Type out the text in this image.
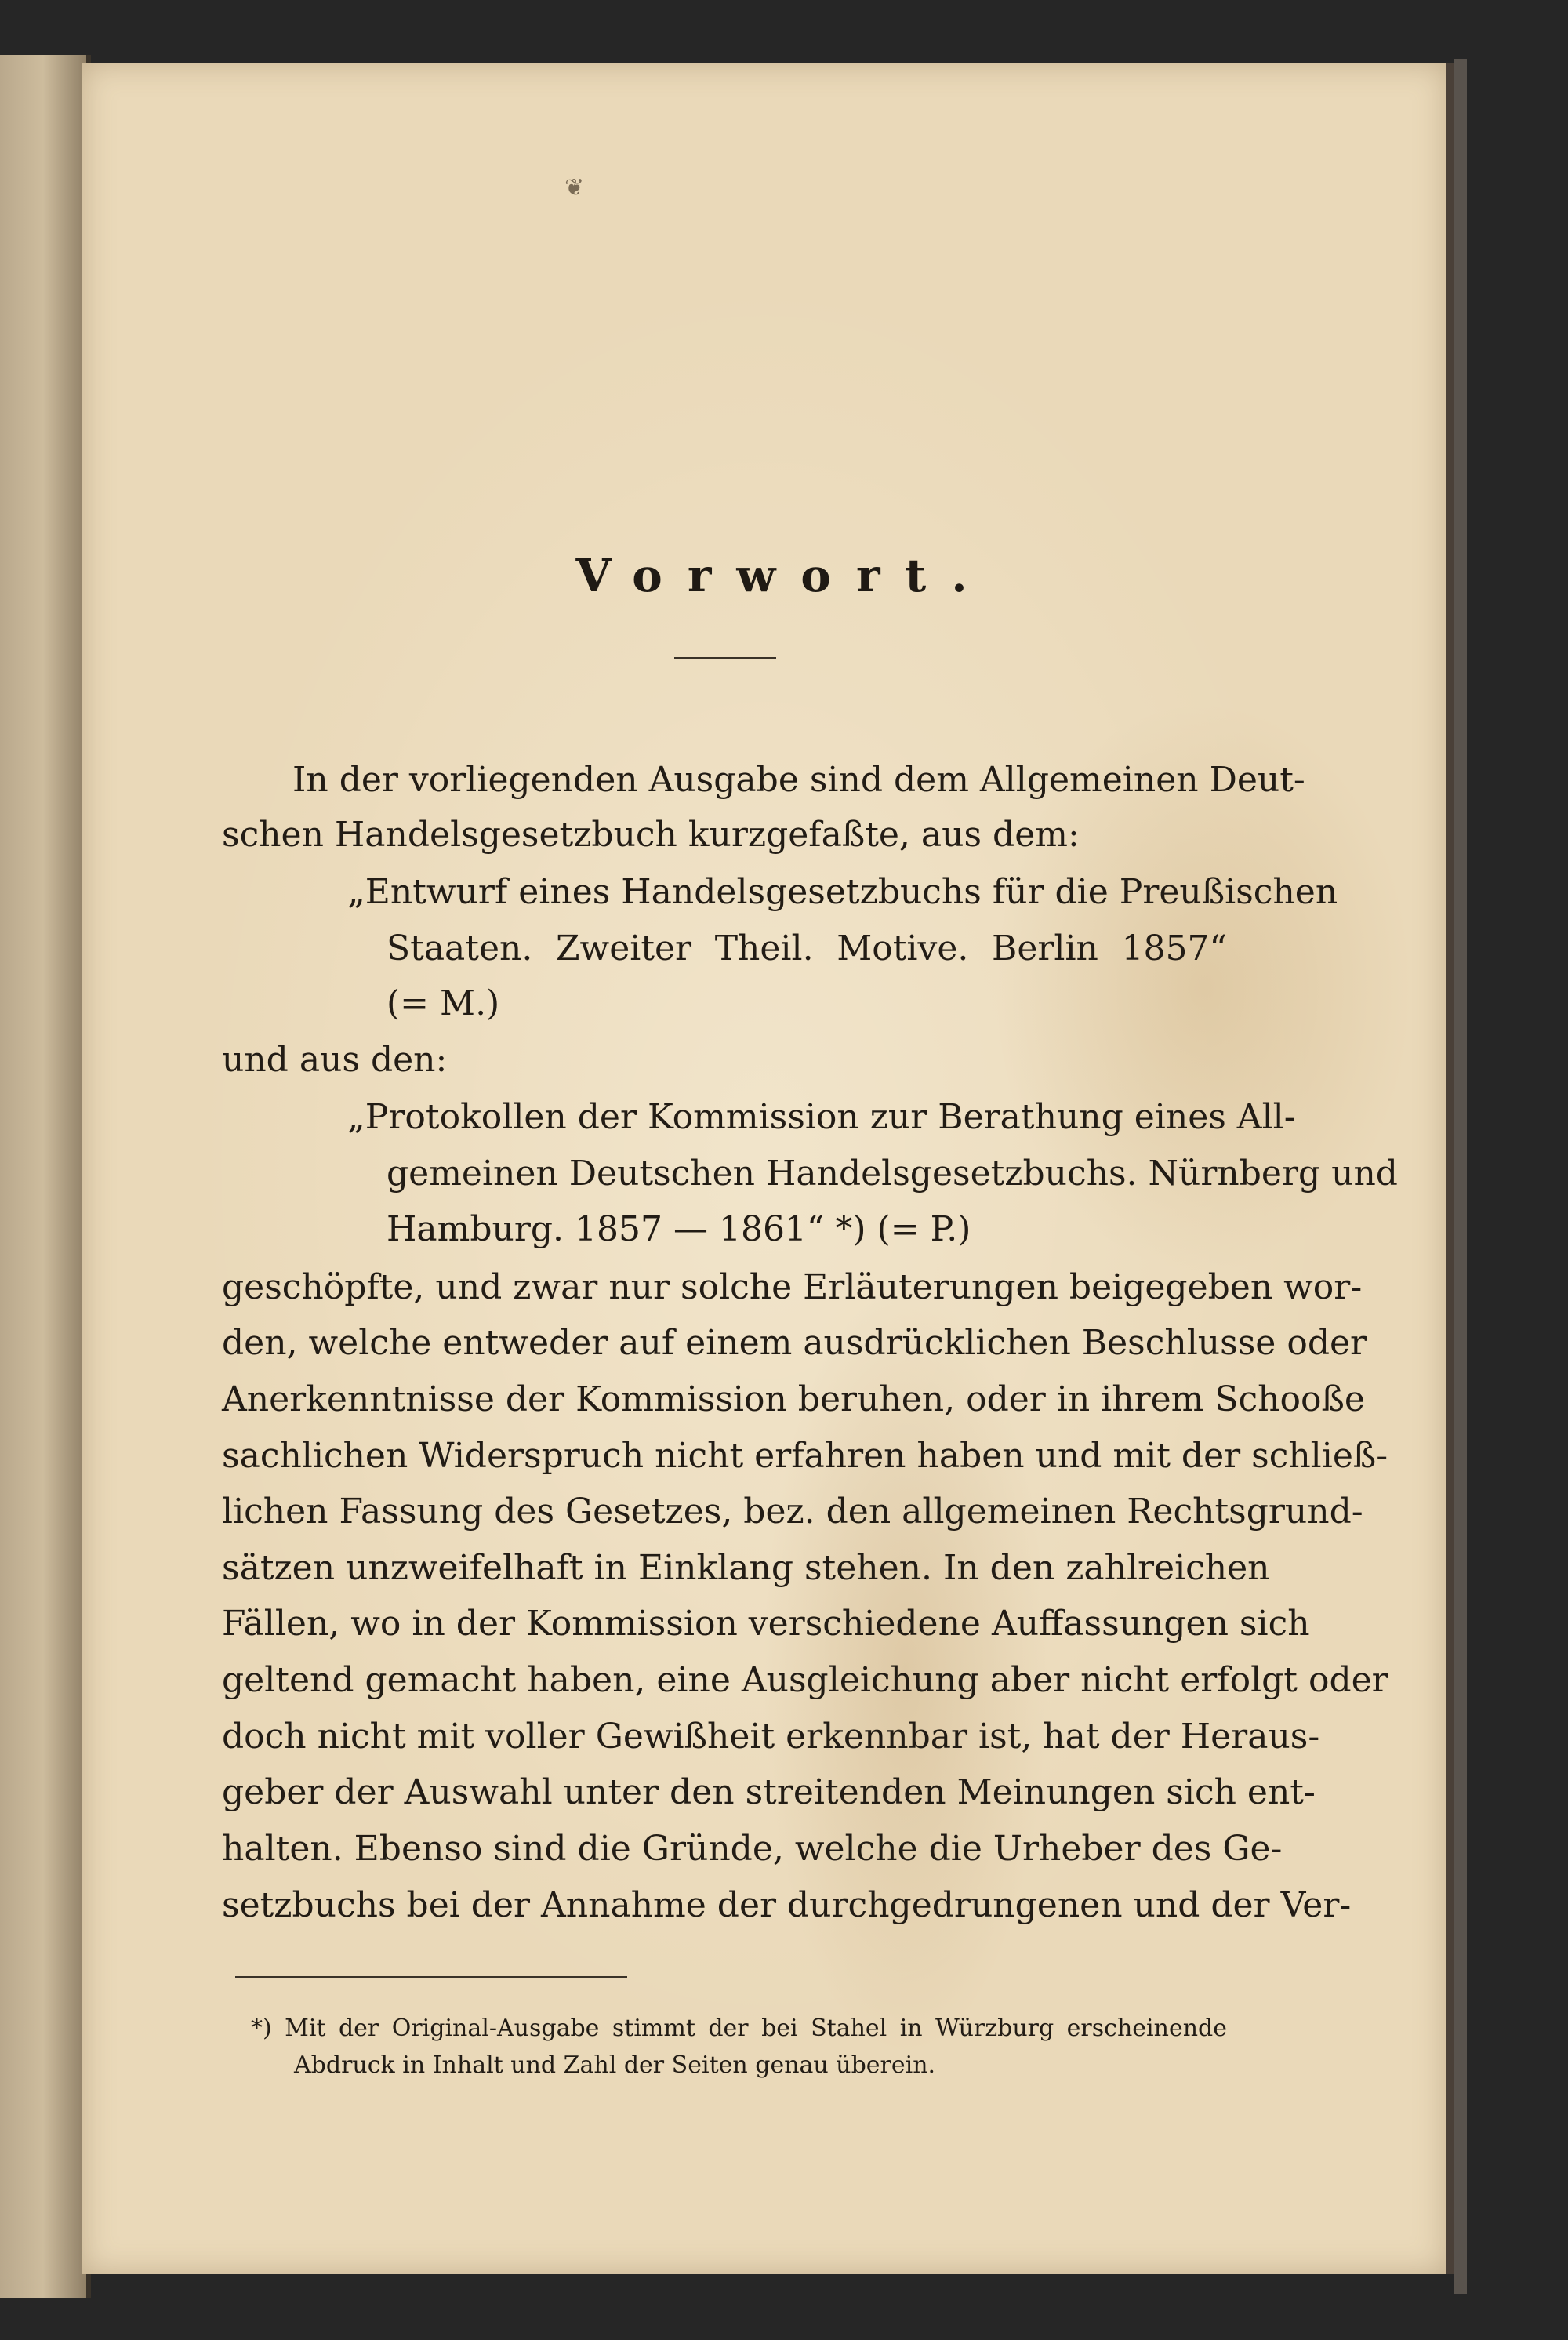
❦
Vorwort.
In der vorliegenden Ausgabe sind dem Allgemeinen Deut-
schen Handelsgesetzbuch kurzgefaßte, aus dem:
„Entwurf eines Handelsgesetzbuchs für die Preußischen
Staaten. Zweiter Theil. Motive. Berlin 1857“
(= M.)
und aus den:
„Protokollen der Kommission zur Berathung eines All-
gemeinen Deutschen Handelsgesetzbuchs. Nürnberg und
Hamburg. 1857 — 1861“ *) (= P.)
geschöpfte, und zwar nur solche Erläuterungen beigegeben wor-
den, welche entweder auf einem ausdrücklichen Beschlusse oder
Anerkenntnisse der Kommission beruhen, oder in ihrem Schooße
sachlichen Widerspruch nicht erfahren haben und mit der schließ-
lichen Fassung des Gesetzes, bez. den allgemeinen Rechtsgrund-
sätzen unzweifelhaft in Einklang stehen. In den zahlreichen
Fällen, wo in der Kommission verschiedene Auffassungen sich
geltend gemacht haben, eine Ausgleichung aber nicht erfolgt oder
doch nicht mit voller Gewißheit erkennbar ist, hat der Heraus-
geber der Auswahl unter den streitenden Meinungen sich ent-
halten. Ebenso sind die Gründe, welche die Urheber des Ge-
setzbuchs bei der Annahme der durchgedrungenen und der Ver-
*) Mit der Original-Ausgabe stimmt der bei Stahel in Würzburg erscheinende
Abdruck in Inhalt und Zahl der Seiten genau überein.
